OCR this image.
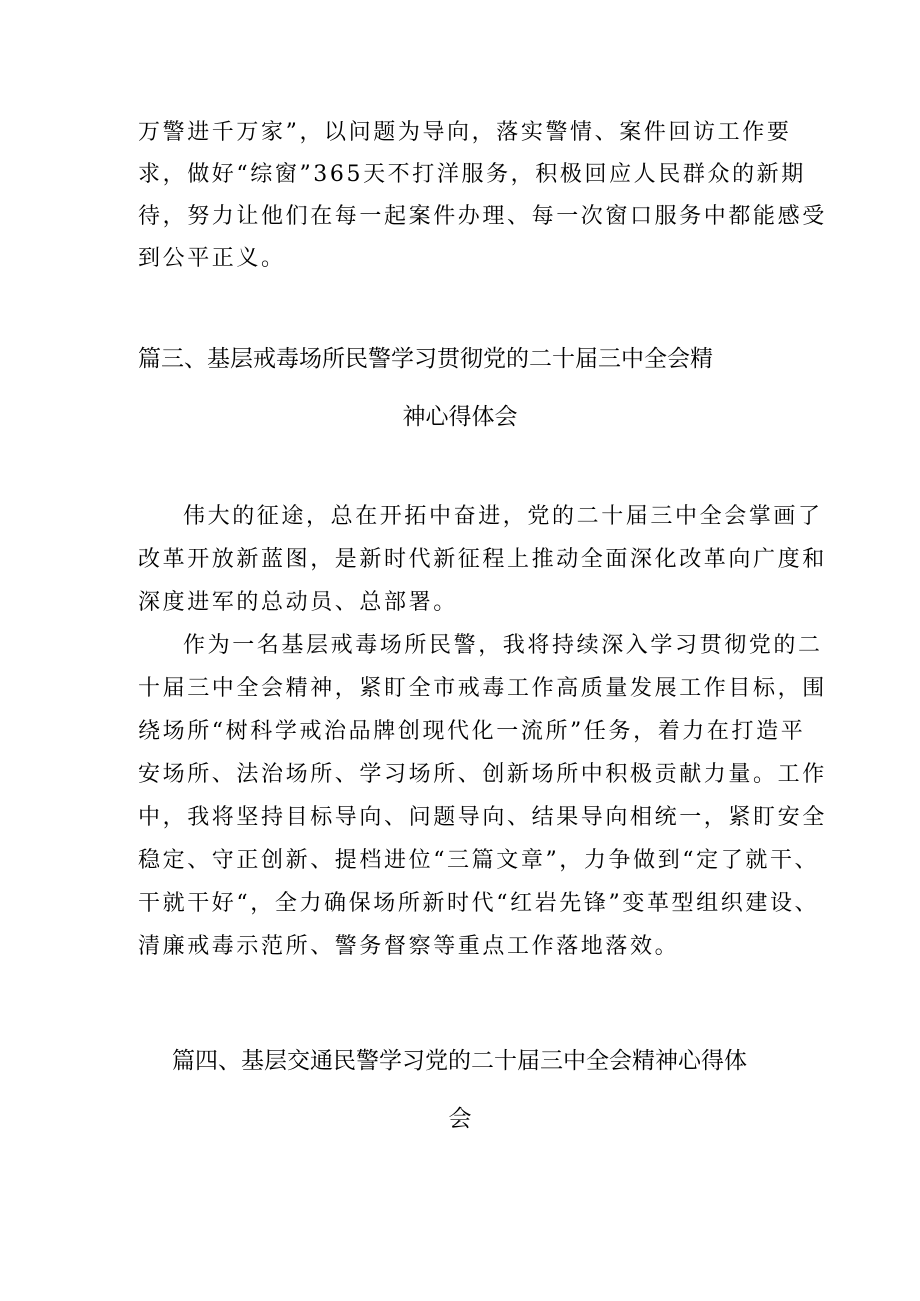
万警进千万家”，以问题为导向，落实警情、案件回访工作要

求，做好“综窗”365天不打洋服务，积极回应人民群众的新期

待，努力让他们在每一起案件办理、每一次窗口服务中都能感受

到公平正义。

篇三、基层戒毒场所民警学习贯彻党的二十届三中全会精
神心得体会

伟大的征途，总在开拓中奋进，党的二十届三中全会掌画了

改革开放新蓝图，是新时代新征程上推动全面深化改革向广度和

深度进军的总动员、总部署。

作为一名基层戒毒场所民警，我将持续深入学习贯彻党的二

十届三中全会精神，紧盯全市戒毒工作高质量发展工作目标，围

绕场所“树科学戒治品牌创现代化一流所”任务，着力在打造平

安场所、法治场所、学习场所、创新场所中积极贡献力量。工作

中，我将坚持目标导向、问题导向、结果导向相统一，紧盯安全

稳定、守正创新、提档进位“三篇文章”，力争做到“定了就干、

干就干好“，全力确保场所新时代“红岩先锋”变革型组织建设、

清廉戒毒示范所、警务督察等重点工作落地落效。

篇四、基层交通民警学习党的二十届三中全会精神心得体
会
